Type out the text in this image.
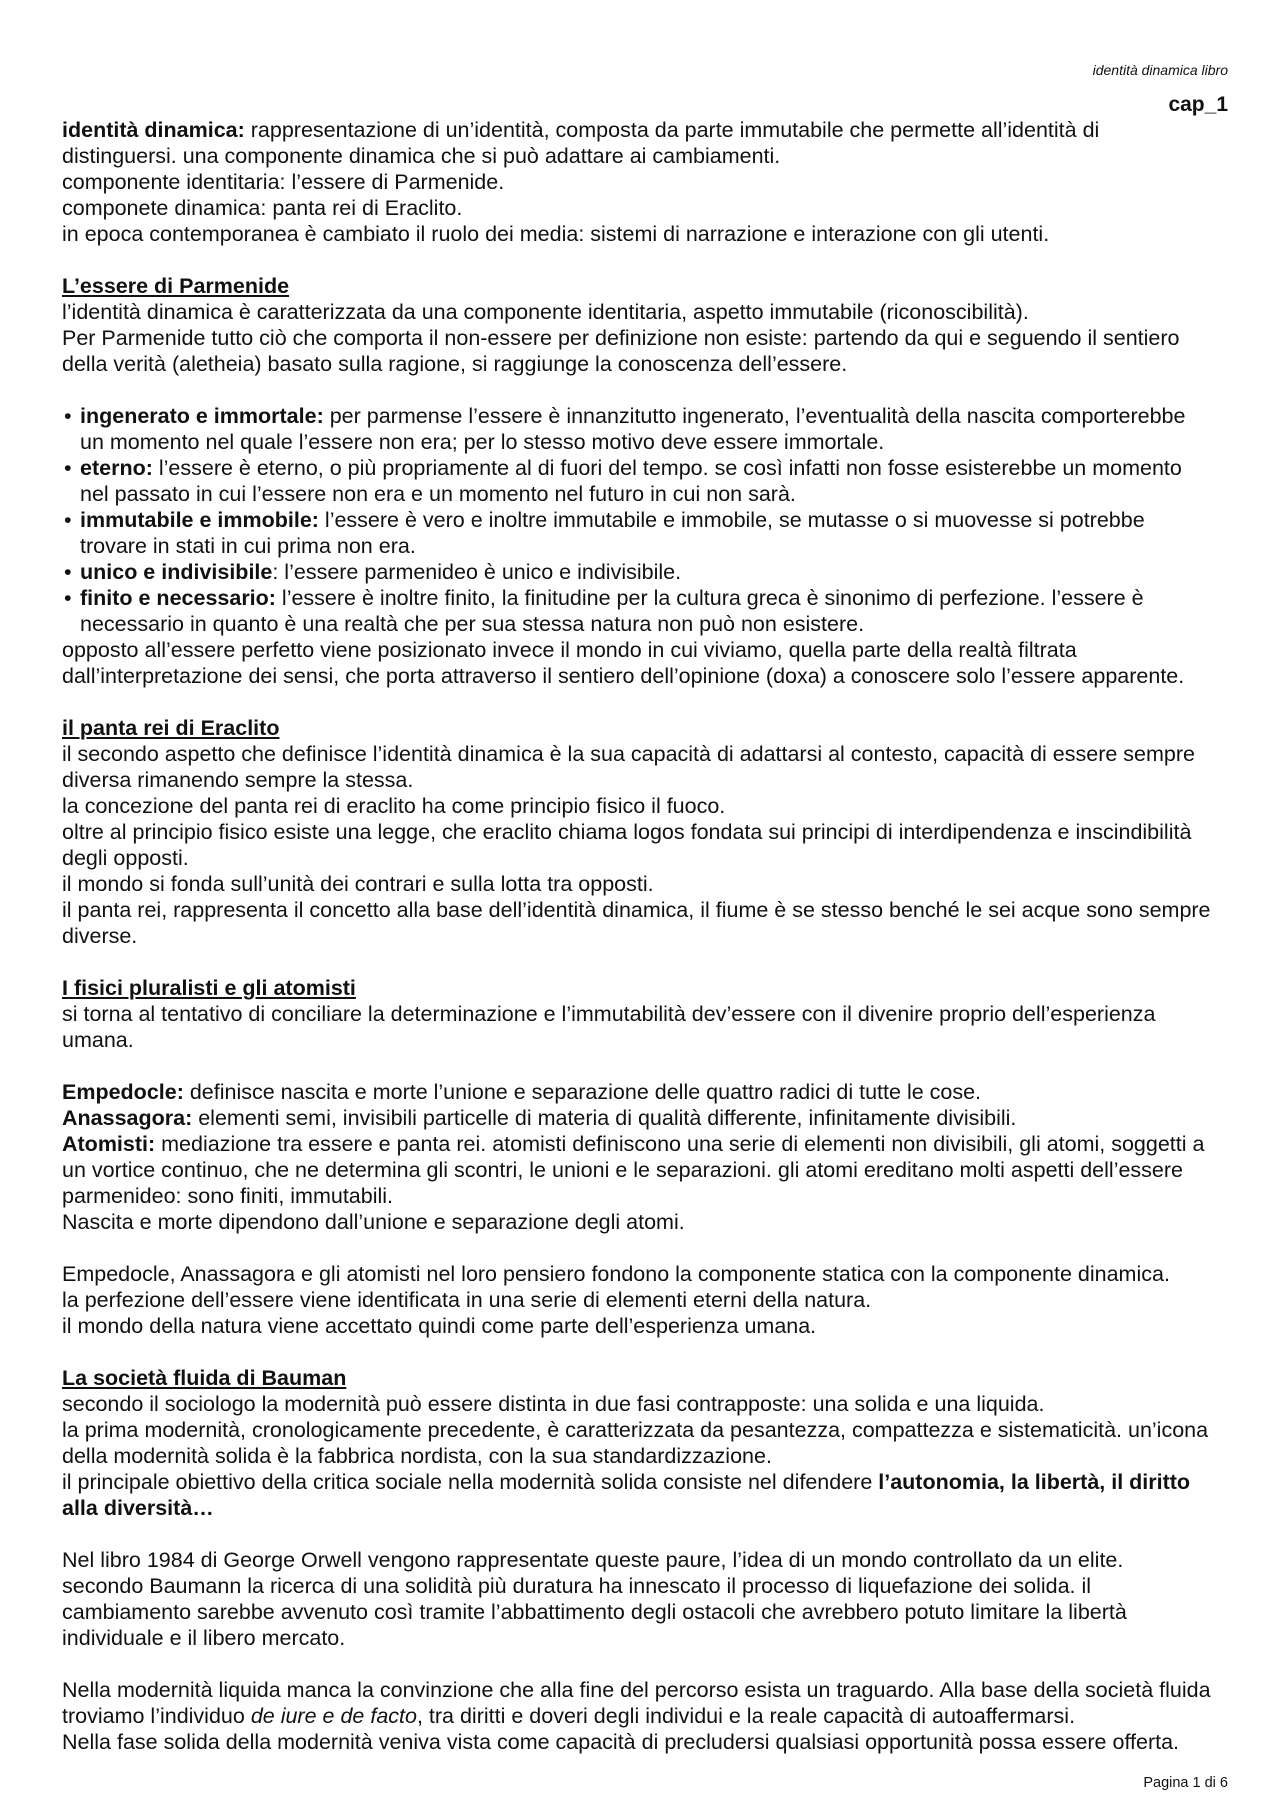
identità dinamica libro
cap_1
identità dinamica: rappresentazione di un’identità, composta da parte immutabile che permette all’identità di
distinguersi. una componente dinamica che si può adattare ai cambiamenti.
componente identitaria: l’essere di Parmenide.
componete dinamica: panta rei di Eraclito.
in epoca contemporanea è cambiato il ruolo dei media: sistemi di narrazione e interazione con gli utenti.
L’essere di Parmenide
l’identità dinamica è caratterizzata da una componente identitaria, aspetto immutabile (riconoscibilità).
Per Parmenide tutto ciò che comporta il non-essere per definizione non esiste: partendo da qui e seguendo il sentiero
della verità (aletheia) basato sulla ragione, si raggiunge la conoscenza dell’essere.
•
ingenerato e immortale: per parmense l’essere è innanzitutto ingenerato, l’eventualità della nascita comporterebbe
un momento nel quale l’essere non era; per lo stesso motivo deve essere immortale.
•
eterno: l’essere è eterno, o più propriamente al di fuori del tempo. se così infatti non fosse esisterebbe un momento
nel passato in cui l’essere non era e un momento nel futuro in cui non sarà.
•
immutabile e immobile: l’essere è vero e inoltre immutabile e immobile, se mutasse o si muovesse si potrebbe
trovare in stati in cui prima non era.
•
unico e indivisibile: l’essere parmenideo è unico e indivisibile.
•
finito e necessario: l’essere è inoltre finito, la finitudine per la cultura greca è sinonimo di perfezione. l’essere è
necessario in quanto è una realtà che per sua stessa natura non può non esistere.
opposto all’essere perfetto viene posizionato invece il mondo in cui viviamo, quella parte della realtà filtrata
dall’interpretazione dei sensi, che porta attraverso il sentiero dell’opinione (doxa) a conoscere solo l’essere apparente.
il panta rei di Eraclito
il secondo aspetto che definisce l’identità dinamica è la sua capacità di adattarsi al contesto, capacità di essere sempre
diversa rimanendo sempre la stessa.
la concezione del panta rei di eraclito ha come principio fisico il fuoco.
oltre al principio fisico esiste una legge, che eraclito chiama logos fondata sui principi di interdipendenza e inscindibilità
degli opposti.
il mondo si fonda sull’unità dei contrari e sulla lotta tra opposti.
il panta rei, rappresenta il concetto alla base dell’identità dinamica, il fiume è se stesso benché le sei acque sono sempre
diverse.
I fisici pluralisti e gli atomisti
si torna al tentativo di conciliare la determinazione e l’immutabilità dev’essere con il divenire proprio dell’esperienza
umana.
Empedocle: definisce nascita e morte l’unione e separazione delle quattro radici di tutte le cose.
Anassagora: elementi semi, invisibili particelle di materia di qualità differente, infinitamente divisibili.
Atomisti: mediazione tra essere e panta rei. atomisti definiscono una serie di elementi non divisibili, gli atomi, soggetti a
un vortice continuo, che ne determina gli scontri, le unioni e le separazioni. gli atomi ereditano molti aspetti dell’essere
parmenideo: sono finiti, immutabili.
Nascita e morte dipendono dall’unione e separazione degli atomi.
Empedocle, Anassagora e gli atomisti nel loro pensiero fondono la componente statica con la componente dinamica.
la perfezione dell’essere viene identificata in una serie di elementi eterni della natura.
il mondo della natura viene accettato quindi come parte dell’esperienza umana.
La società fluida di Bauman
secondo il sociologo la modernità può essere distinta in due fasi contrapposte: una solida e una liquida.
la prima modernità, cronologicamente precedente, è caratterizzata da pesantezza, compattezza e sistematicità. un’icona
della modernità solida è la fabbrica nordista, con la sua standardizzazione.
il principale obiettivo della critica sociale nella modernità solida consiste nel difendere l’autonomia, la libertà, il diritto
alla diversità…
Nel libro 1984 di George Orwell vengono rappresentate queste paure, l’idea di un mondo controllato da un elite.
secondo Baumann la ricerca di una solidità più duratura ha innescato il processo di liquefazione dei solida. il
cambiamento sarebbe avvenuto così tramite l’abbattimento degli ostacoli che avrebbero potuto limitare la libertà
individuale e il libero mercato.
Nella modernità liquida manca la convinzione che alla fine del percorso esista un traguardo. Alla base della società fluida
troviamo l’individuo de iure e de facto, tra diritti e doveri degli individui e la reale capacità di autoaffermarsi.
Nella fase solida della modernità veniva vista come capacità di precludersi qualsiasi opportunità possa essere offerta.
Pagina 1 di 6
